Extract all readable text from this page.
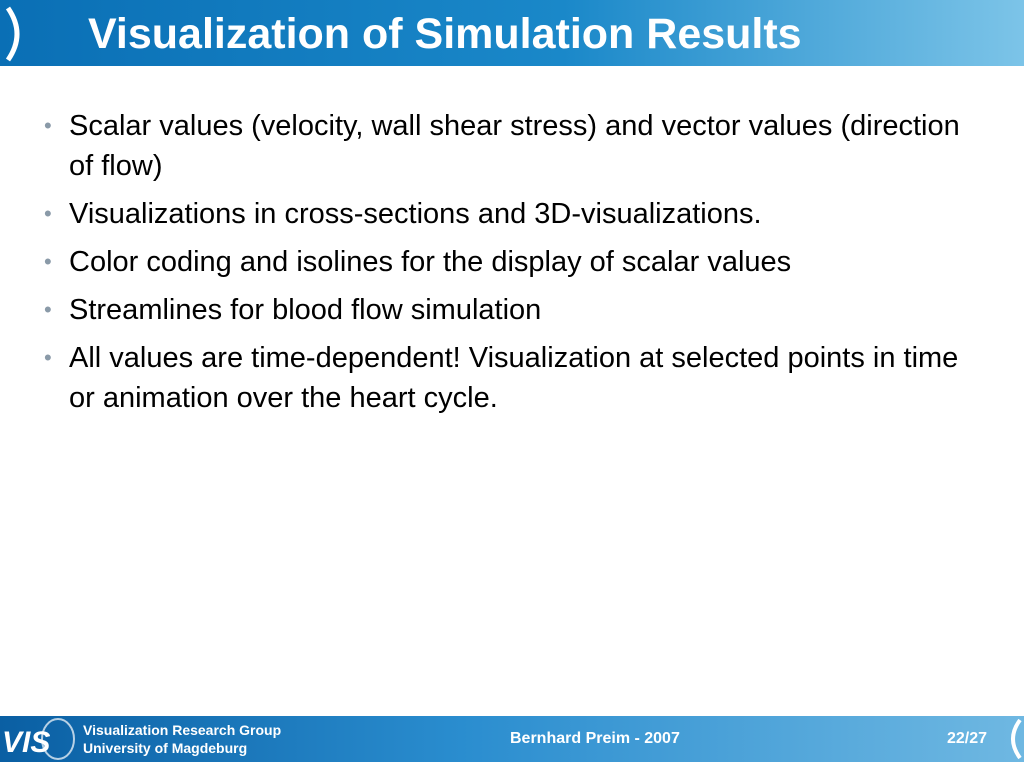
Visualization of Simulation Results
• Scalar values (velocity, wall shear stress) and vector values (direction of flow)
• Visualizations in cross-sections and 3D-visualizations.
• Color coding and isolines for the display of scalar values
• Streamlines for blood flow simulation
• All values are time-dependent! Visualization at selected points in time or animation over the heart cycle.
VIS Visualization Research Group
University of Magdeburg
Bernhard Preim - 2007	22/27
